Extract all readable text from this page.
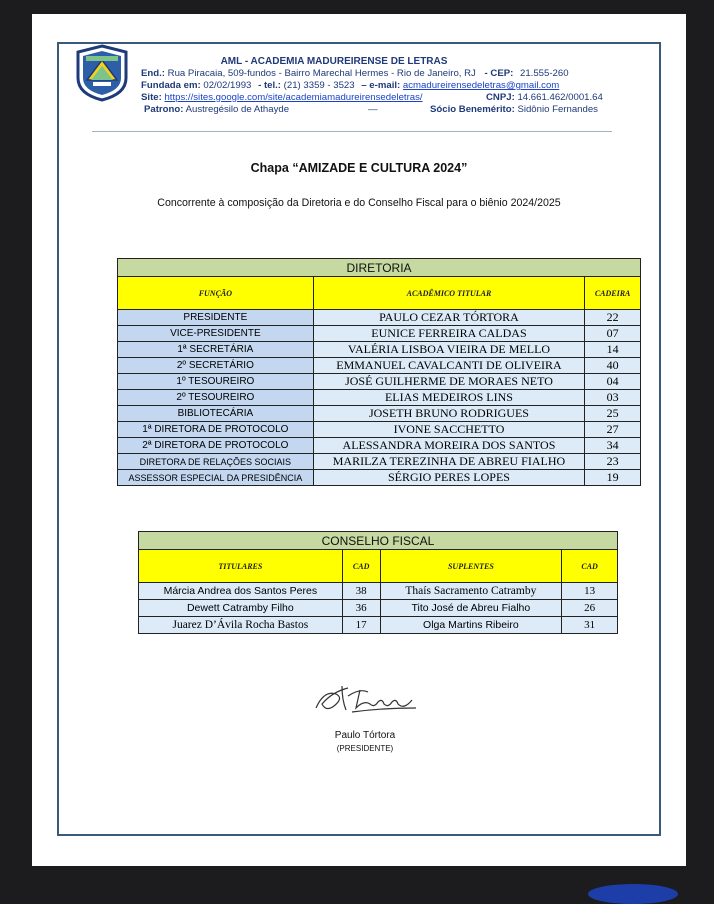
AML - ACADEMIA MADUREIRENSE DE LETRAS
End.: Rua Piracaia, 509-fundos - Bairro Marechal Hermes - Rio de Janeiro, RJ - CEP: 21.555-260
Fundada em: 02/02/1993 - tel.: (21) 3359 - 3523 – e-mail: acmadureirensedeletras@gmail.com
Site: https://sites.google.com/site/academiamadureirensedeletras/	CNPJ: 14.661.462/0001.64
Patrono: Austregésilo de Athayde	—	Sócio Benemérito: Sidônio Fernandes
Chapa “AMIZADE E CULTURA 2024”
Concorrente à composição da Diretoria e do Conselho Fiscal para o biênio 2024/2025
DIRETORIA		
FUNÇÃO	ACADÊMICO TITULAR	CADEIRA
PRESIDENTE	PAULO CEZAR TÓRTORA	22
VICE-PRESIDENTE	EUNICE FERREIRA CALDAS	07
1ª SECRETÁRIA	VALÉRIA LISBOA VIEIRA DE MELLO	14
2º SECRETÁRIO	EMMANUEL CAVALCANTI DE OLIVEIRA	40
1º TESOUREIRO	JOSÉ GUILHERME DE MORAES NETO	04
2º TESOUREIRO	ELIAS MEDEIROS LINS	03
BIBLIOTECÁRIA	JOSETH BRUNO RODRIGUES	25
1ª DIRETORA DE PROTOCOLO	IVONE SACCHETTO	27
2ª DIRETORA DE PROTOCOLO	ALESSANDRA MOREIRA DOS SANTOS	34
DIRETORA DE RELAÇÕES SOCIAIS	MARILZA TEREZINHA DE ABREU FIALHO	23
ASSESSOR ESPECIAL DA PRESIDÊNCIA	SÉRGIO PERES LOPES	19
CONSELHO FISCAL			
TITULARES	CAD	SUPLENTES	CAD
Márcia Andrea dos Santos Peres	38	Thaís Sacramento Catramby	13
Dewett Catramby Filho	36	Tito José de Abreu Fialho	26
Juarez D’Ávila Rocha Bastos	17	Olga Martins Ribeiro	31
Paulo Tórtora
(PRESIDENTE)
